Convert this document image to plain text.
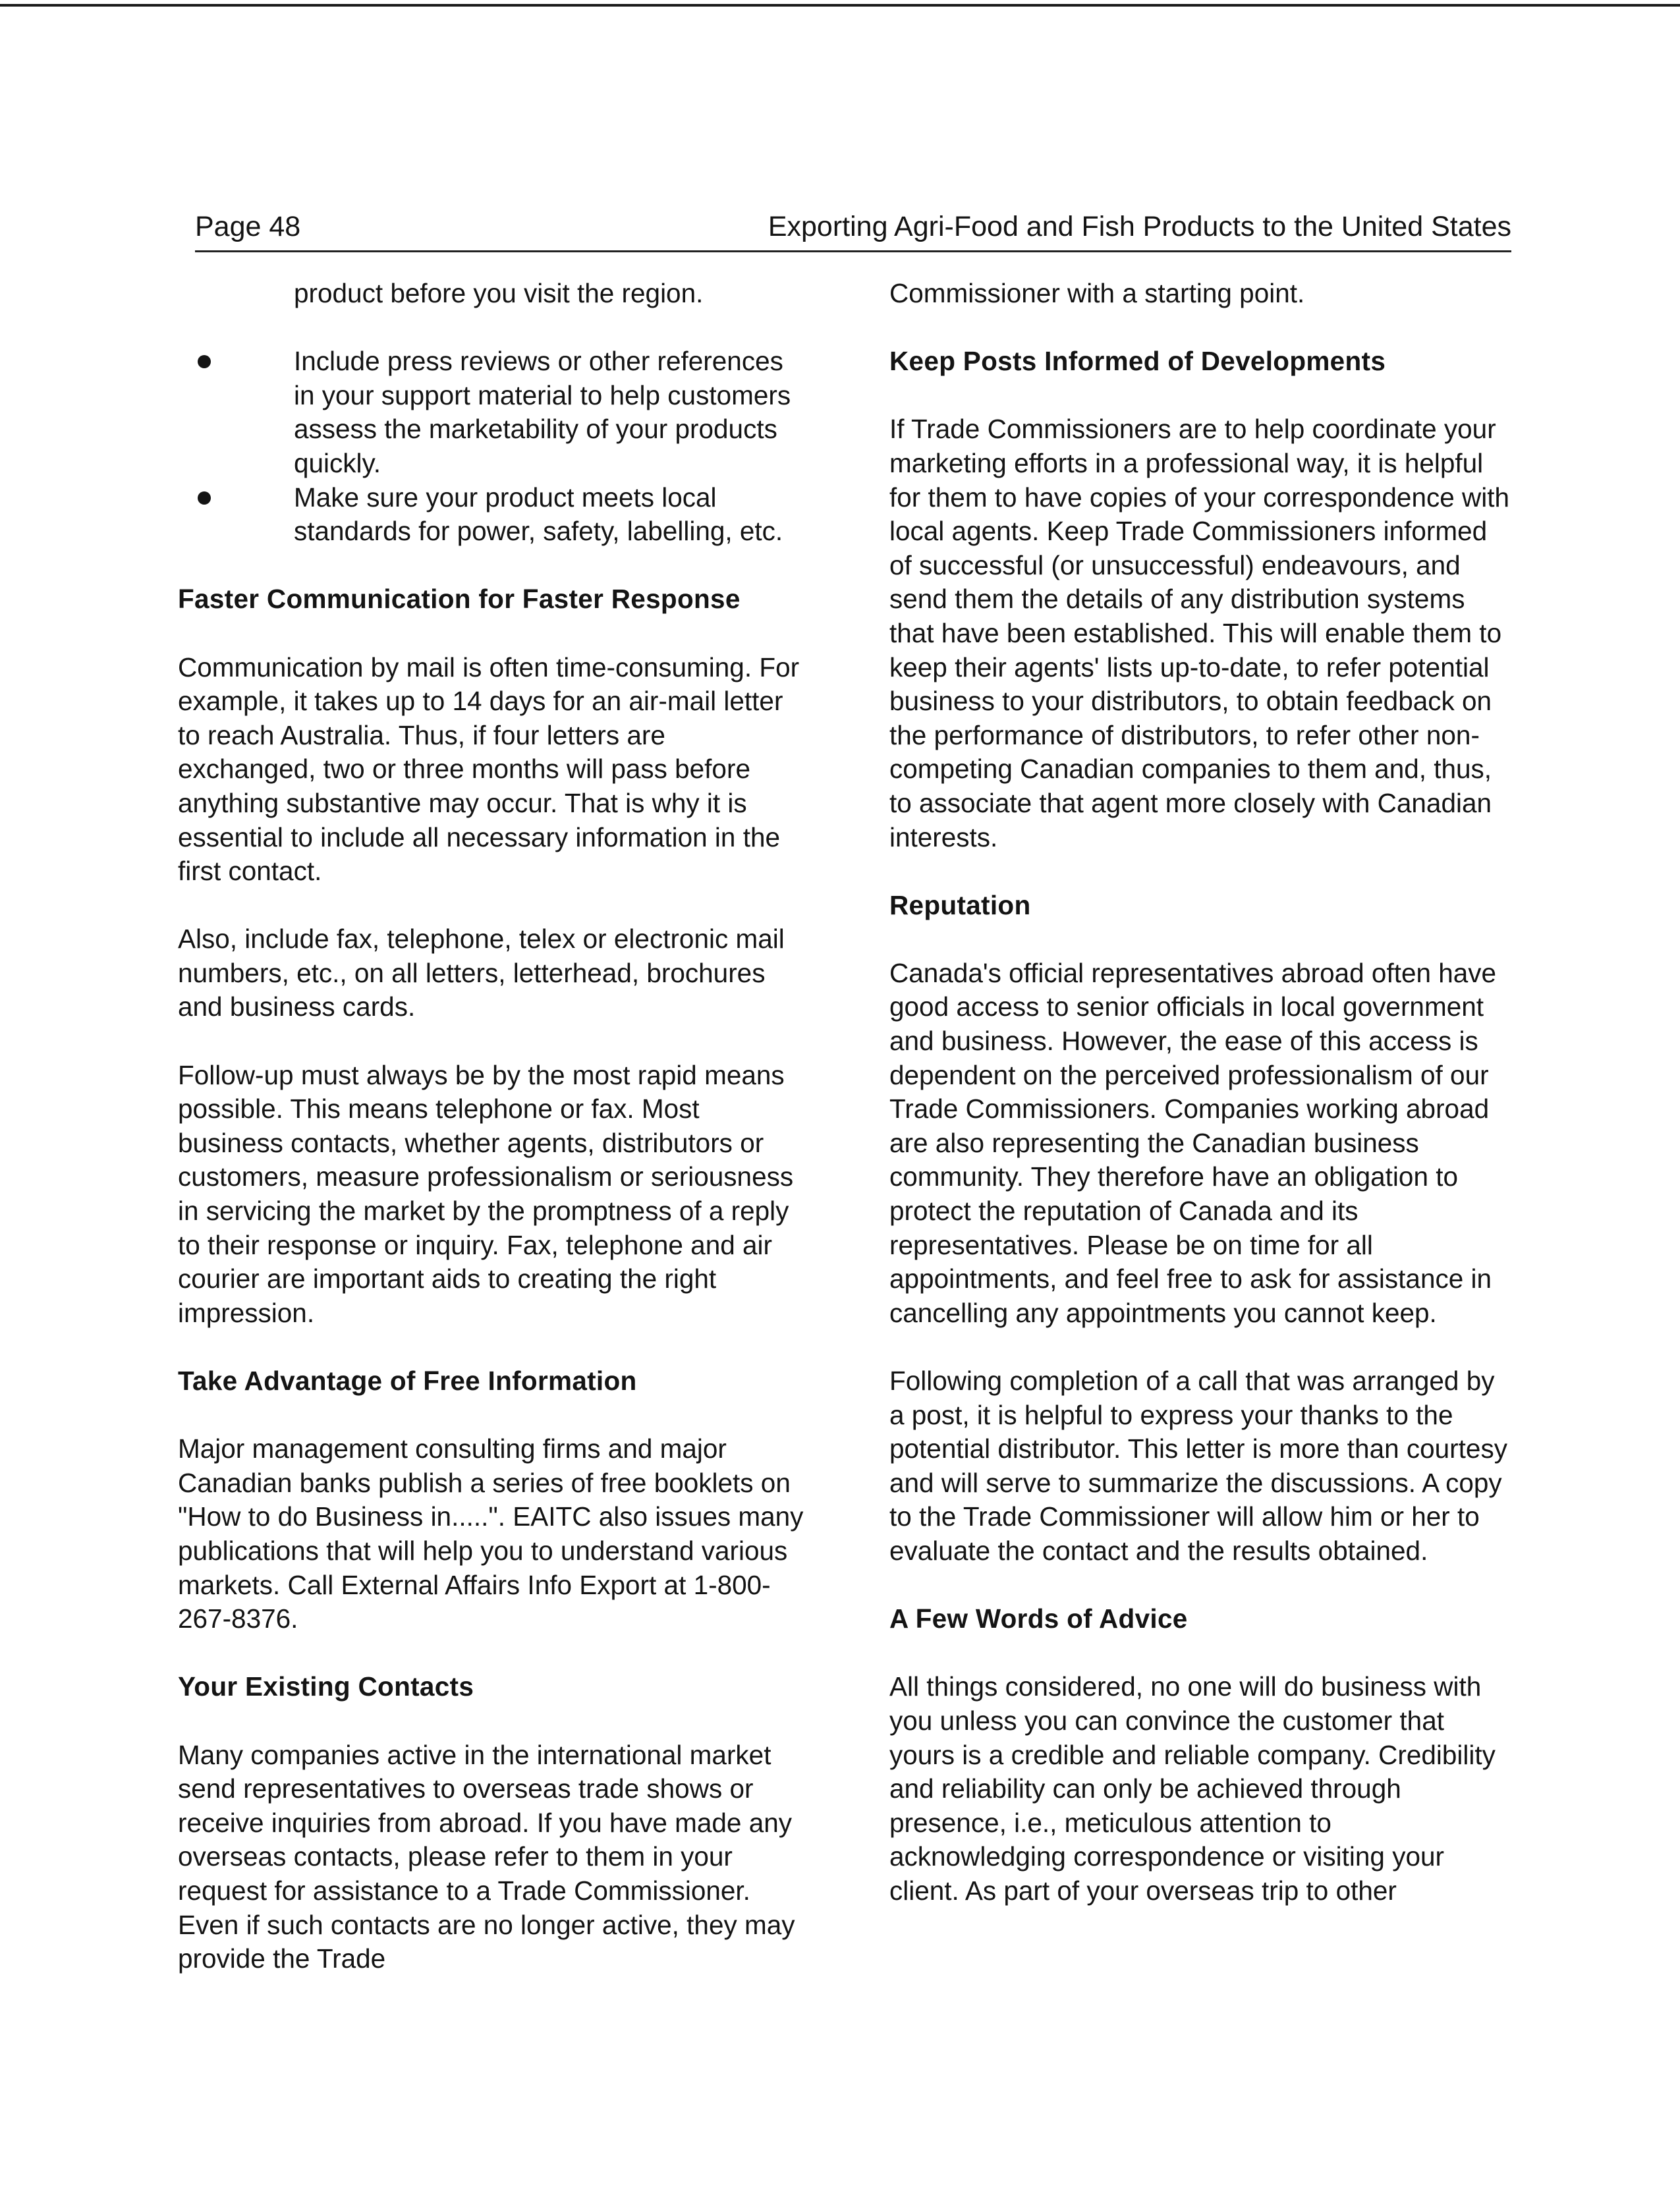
Page 48	Exporting Agri-Food and Fish Products to the United States

product before you visit the region.

Include press reviews or other references in your support material to help customers assess the marketability of your products quickly.
Make sure your product meets local standards for power, safety, labelling, etc.
Faster Communication for Faster Response

Communication by mail is often time-consuming. For example, it takes up to 14 days for an air-mail letter to reach Australia. Thus, if four letters are exchanged, two or three months will pass before anything substantive may occur. That is why it is essential to include all necessary information in the first contact.

Also, include fax, telephone, telex or electronic mail numbers, etc., on all letters, letterhead, brochures and business cards.

Follow-up must always be by the most rapid means possible. This means telephone or fax. Most business contacts, whether agents, distributors or customers, measure professionalism or seriousness in servicing the market by the promptness of a reply to their response or inquiry. Fax, telephone and air courier are important aids to creating the right impression.

Take Advantage of Free Information

Major management consulting firms and major Canadian banks publish a series of free booklets on "How to do Business in.....". EAITC also issues many publications that will help you to understand various markets. Call External Affairs Info Export at 1-800-267-8376.

Your Existing Contacts

Many companies active in the international market send representatives to overseas trade shows or receive inquiries from abroad. If you have made any overseas contacts, please refer to them in your request for assistance to a Trade Commissioner. Even if such contacts are no longer active, they may provide the Trade

Commissioner with a starting point.

Keep Posts Informed of Developments

If Trade Commissioners are to help coordinate your marketing efforts in a professional way, it is helpful for them to have copies of your correspondence with local agents. Keep Trade Commissioners informed of successful (or unsuccessful) endeavours, and send them the details of any distribution systems that have been established. This will enable them to keep their agents' lists up-to-date, to refer potential business to your distributors, to obtain feedback on the performance of distributors, to refer other non-competing Canadian companies to them and, thus, to associate that agent more closely with Canadian interests.

Reputation

Canada's official representatives abroad often have good access to senior officials in local government and business. However, the ease of this access is dependent on the perceived professionalism of our Trade Commissioners. Companies working abroad are also representing the Canadian business community. They therefore have an obligation to protect the reputation of Canada and its representatives. Please be on time for all appointments, and feel free to ask for assistance in cancelling any appointments you cannot keep.

Following completion of a call that was arranged by a post, it is helpful to express your thanks to the potential distributor. This letter is more than courtesy and will serve to summarize the discussions. A copy to the Trade Commissioner will allow him or her to evaluate the contact and the results obtained.

A Few Words of Advice

All things considered, no one will do business with you unless you can convince the customer that yours is a credible and reliable company. Credibility and reliability can only be achieved through presence, i.e., meticulous attention to acknowledging correspondence or visiting your client. As part of your overseas trip to other
